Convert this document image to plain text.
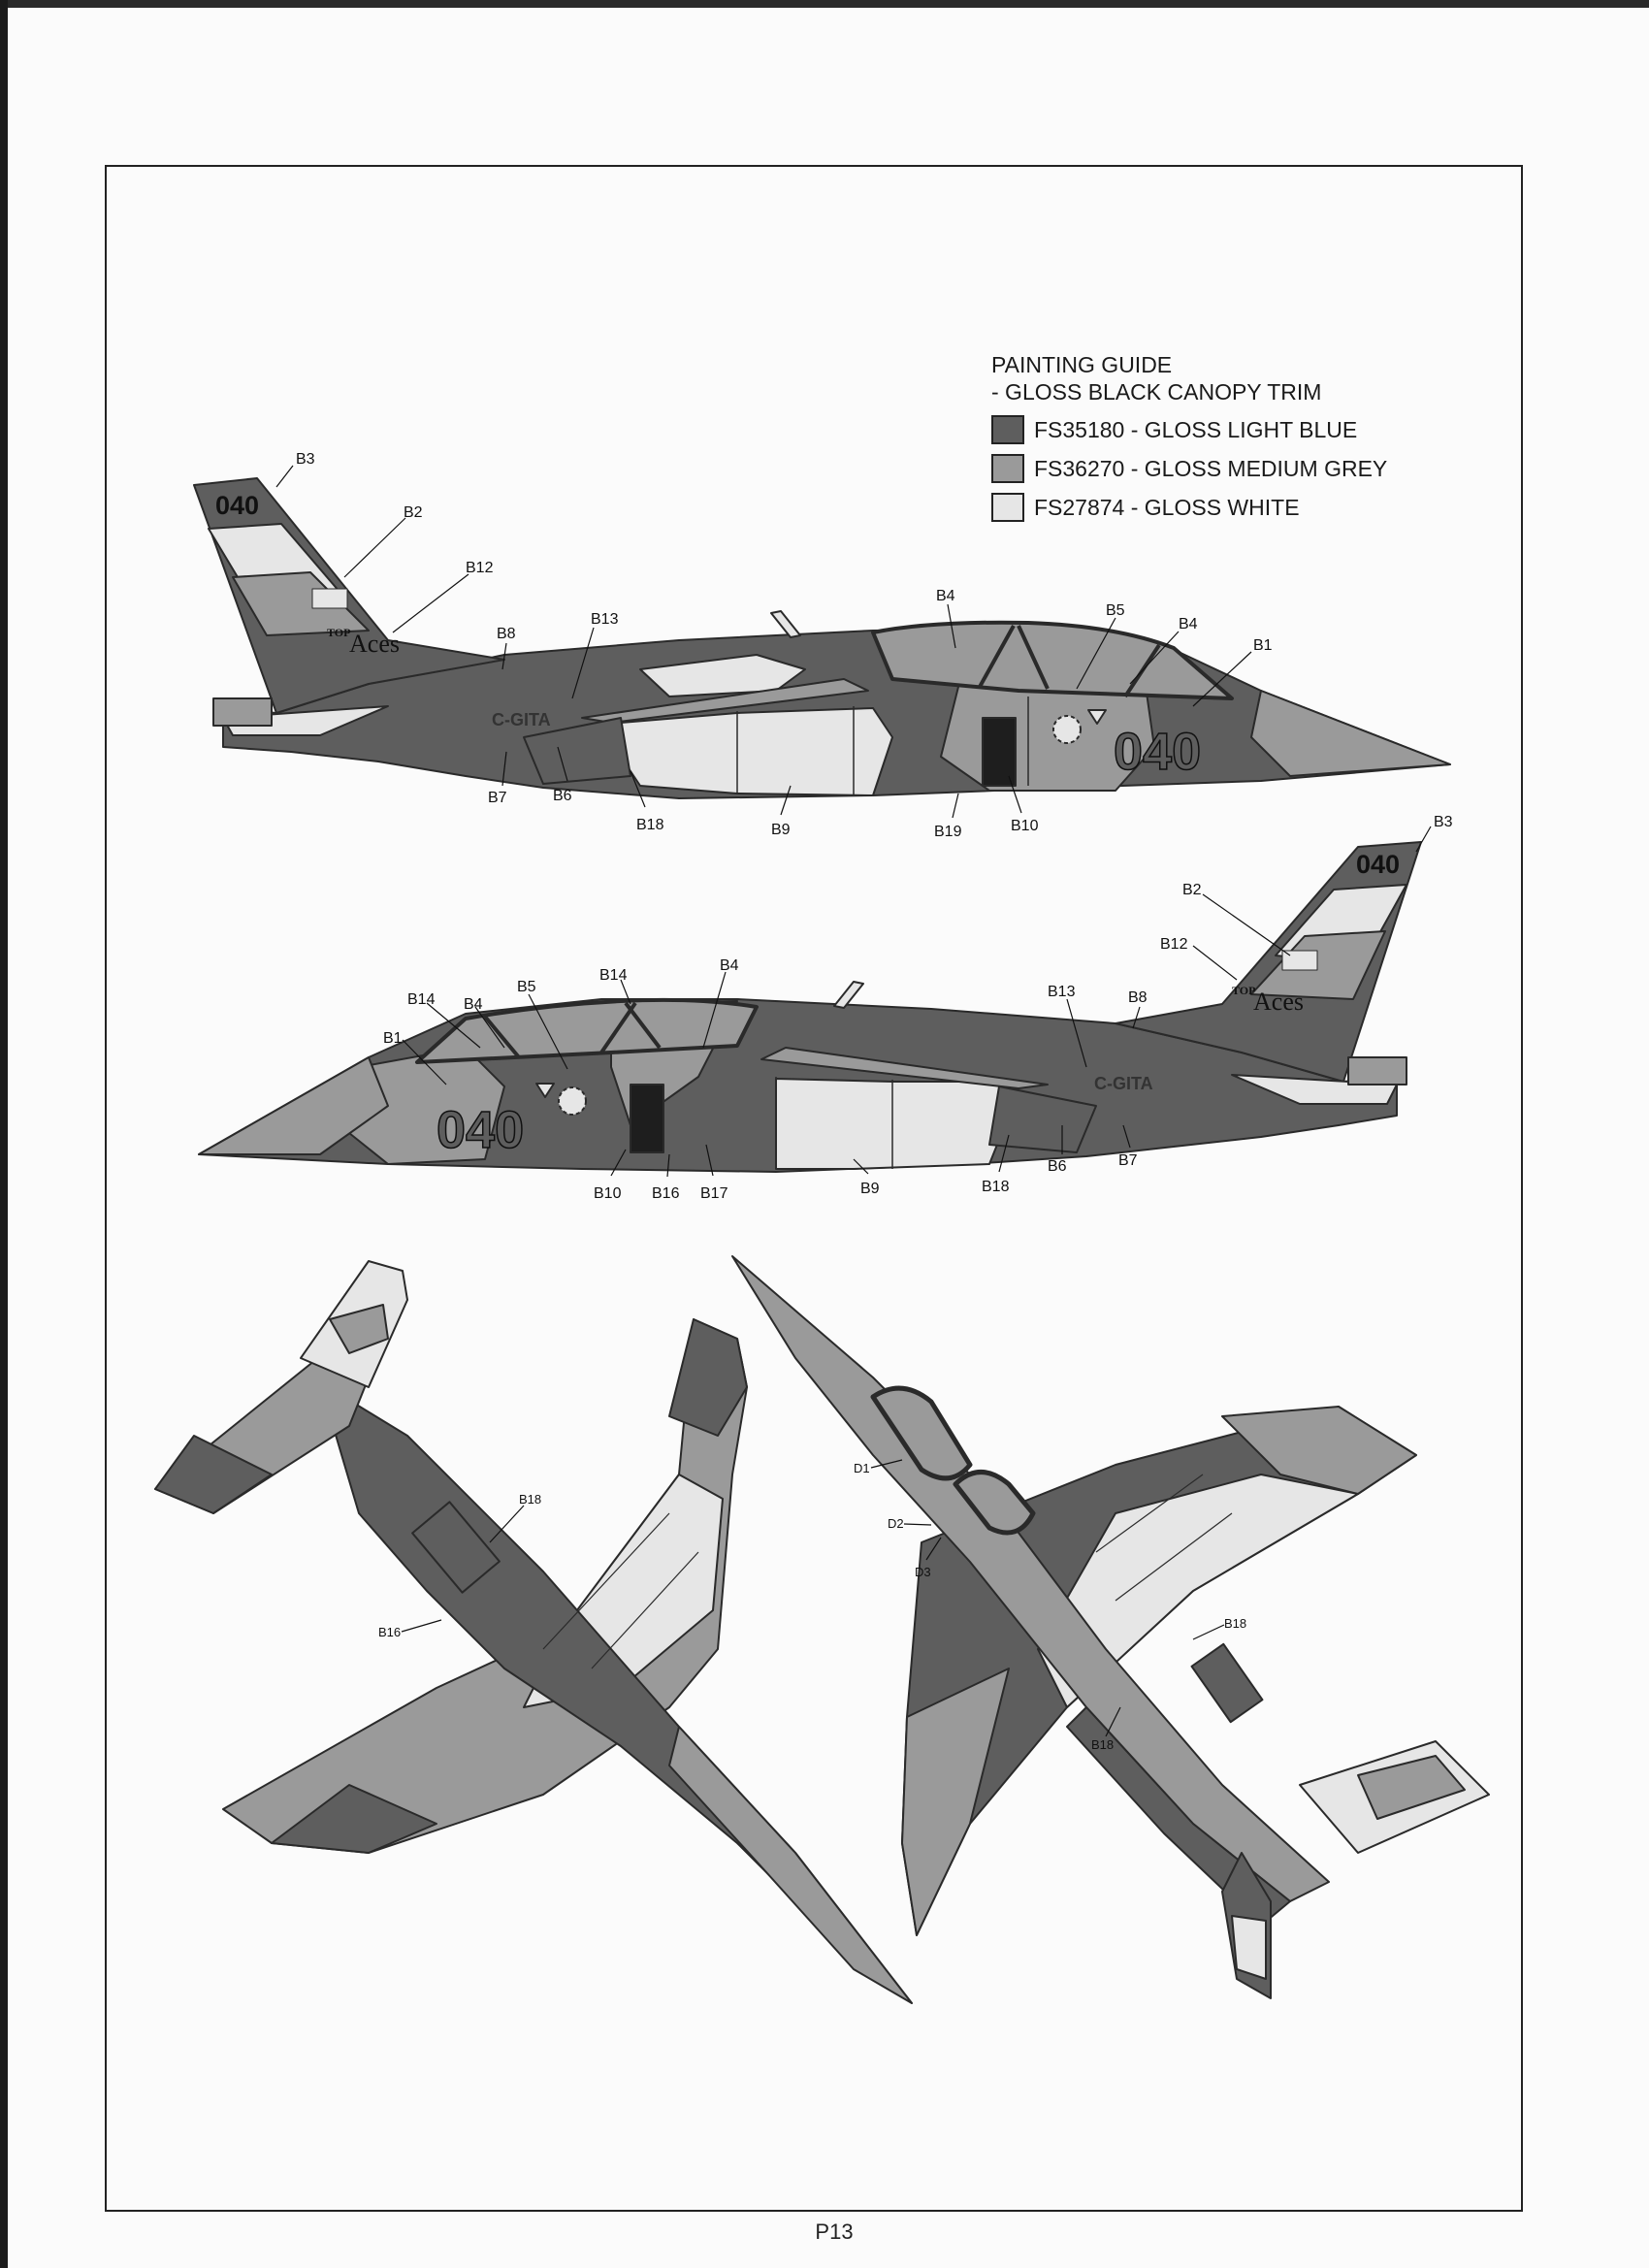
PAINTING GUIDE
- GLOSS BLACK CANOPY TRIM
FS35180 - GLOSS LIGHT BLUE
FS36270 - GLOSS MEDIUM GREY
FS27874 - GLOSS WHITE
040
040
C-GITA
TOP
Aces
B3
B2
B12
B8
B13
B4
B5
B4
B1
B7	B6
B18	B9	B19	B10
040
040
C-GITA
TOP
Aces
B3
B2
B12
B13	B8
B14 B4
B5
B14
B4
B1
B10 B16 B17	B9	B18
B6	B7
B18
B16
D1
D2
D3
B18
B18
P13
